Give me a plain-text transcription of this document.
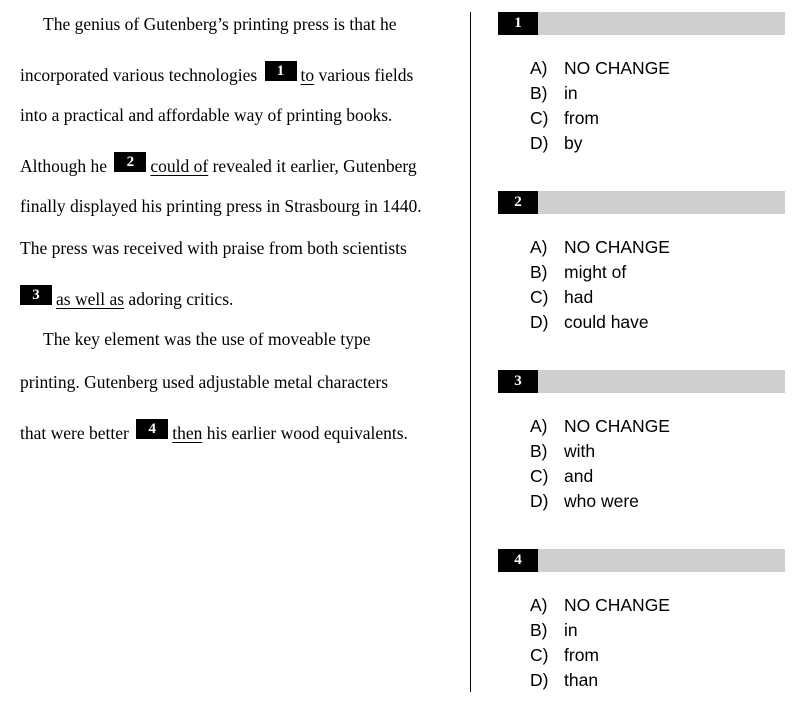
The genius of Gutenberg’s printing press is that he
incorporated various technologies 1 to various fields
into a practical and affordable way of printing books.
Although he 2 could of revealed it earlier, Gutenberg
finally displayed his printing press in Strasbourg in 1440.
The press was received with praise from both scientists
3 as well as adoring critics.
The key element was the use of moveable type
printing. Gutenberg used adjustable metal characters
that were better 4 then his earlier wood equivalents.
1
A) NO CHANGE
B) in
C) from
D) by
2
A) NO CHANGE
B) might of
C) had
D) could have
3
A) NO CHANGE
B) with
C) and
D) who were
4
A) NO CHANGE
B) in
C) from
D) than
